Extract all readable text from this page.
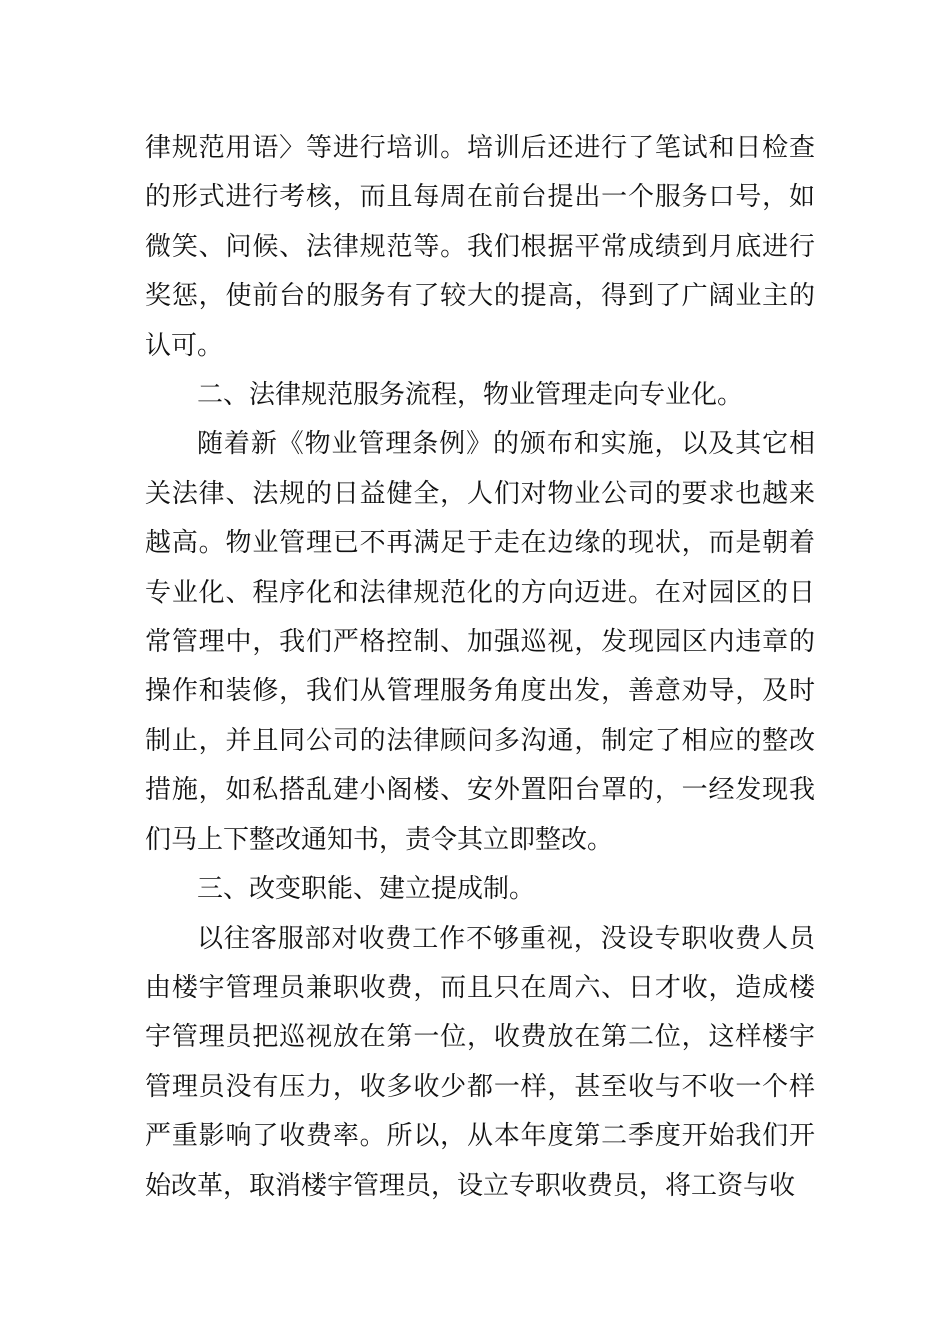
律规范用语〉等进行培训。培训后还进行了笔试和日检查的形式进行考核，而且每周在前台提出一个服务口号，如微笑、问候、法律规范等。我们根据平常成绩到月底进行奖惩，使前台的服务有了较大的提高，得到了广阔业主的认可。

二、法律规范服务流程，物业管理走向专业化。

随着新《物业管理条例》的颁布和实施，以及其它相关法律、法规的日益健全，人们对物业公司的要求也越来越高。物业管理已不再满足于走在边缘的现状，而是朝着专业化、程序化和法律规范化的方向迈进。在对园区的日常管理中，我们严格控制、加强巡视，发现园区内违章的操作和装修，我们从管理服务角度出发，善意劝导，及时制止，并且同公司的法律顾问多沟通，制定了相应的整改措施，如私搭乱建小阁楼、安外置阳台罩的，一经发现我们马上下整改通知书，责令其立即整改。

三、改变职能、建立提成制。

以往客服部对收费工作不够重视，没设专职收费人员由楼宇管理员兼职收费，而且只在周六、日才收，造成楼宇管理员把巡视放在第一位，收费放在第二位，这样楼宇管理员没有压力，收多收少都一样，甚至收与不收一个样严重影响了收费率。所以，从本年度第二季度开始我们开始改革，取消楼宇管理员，设立专职收费员，将工资与收
